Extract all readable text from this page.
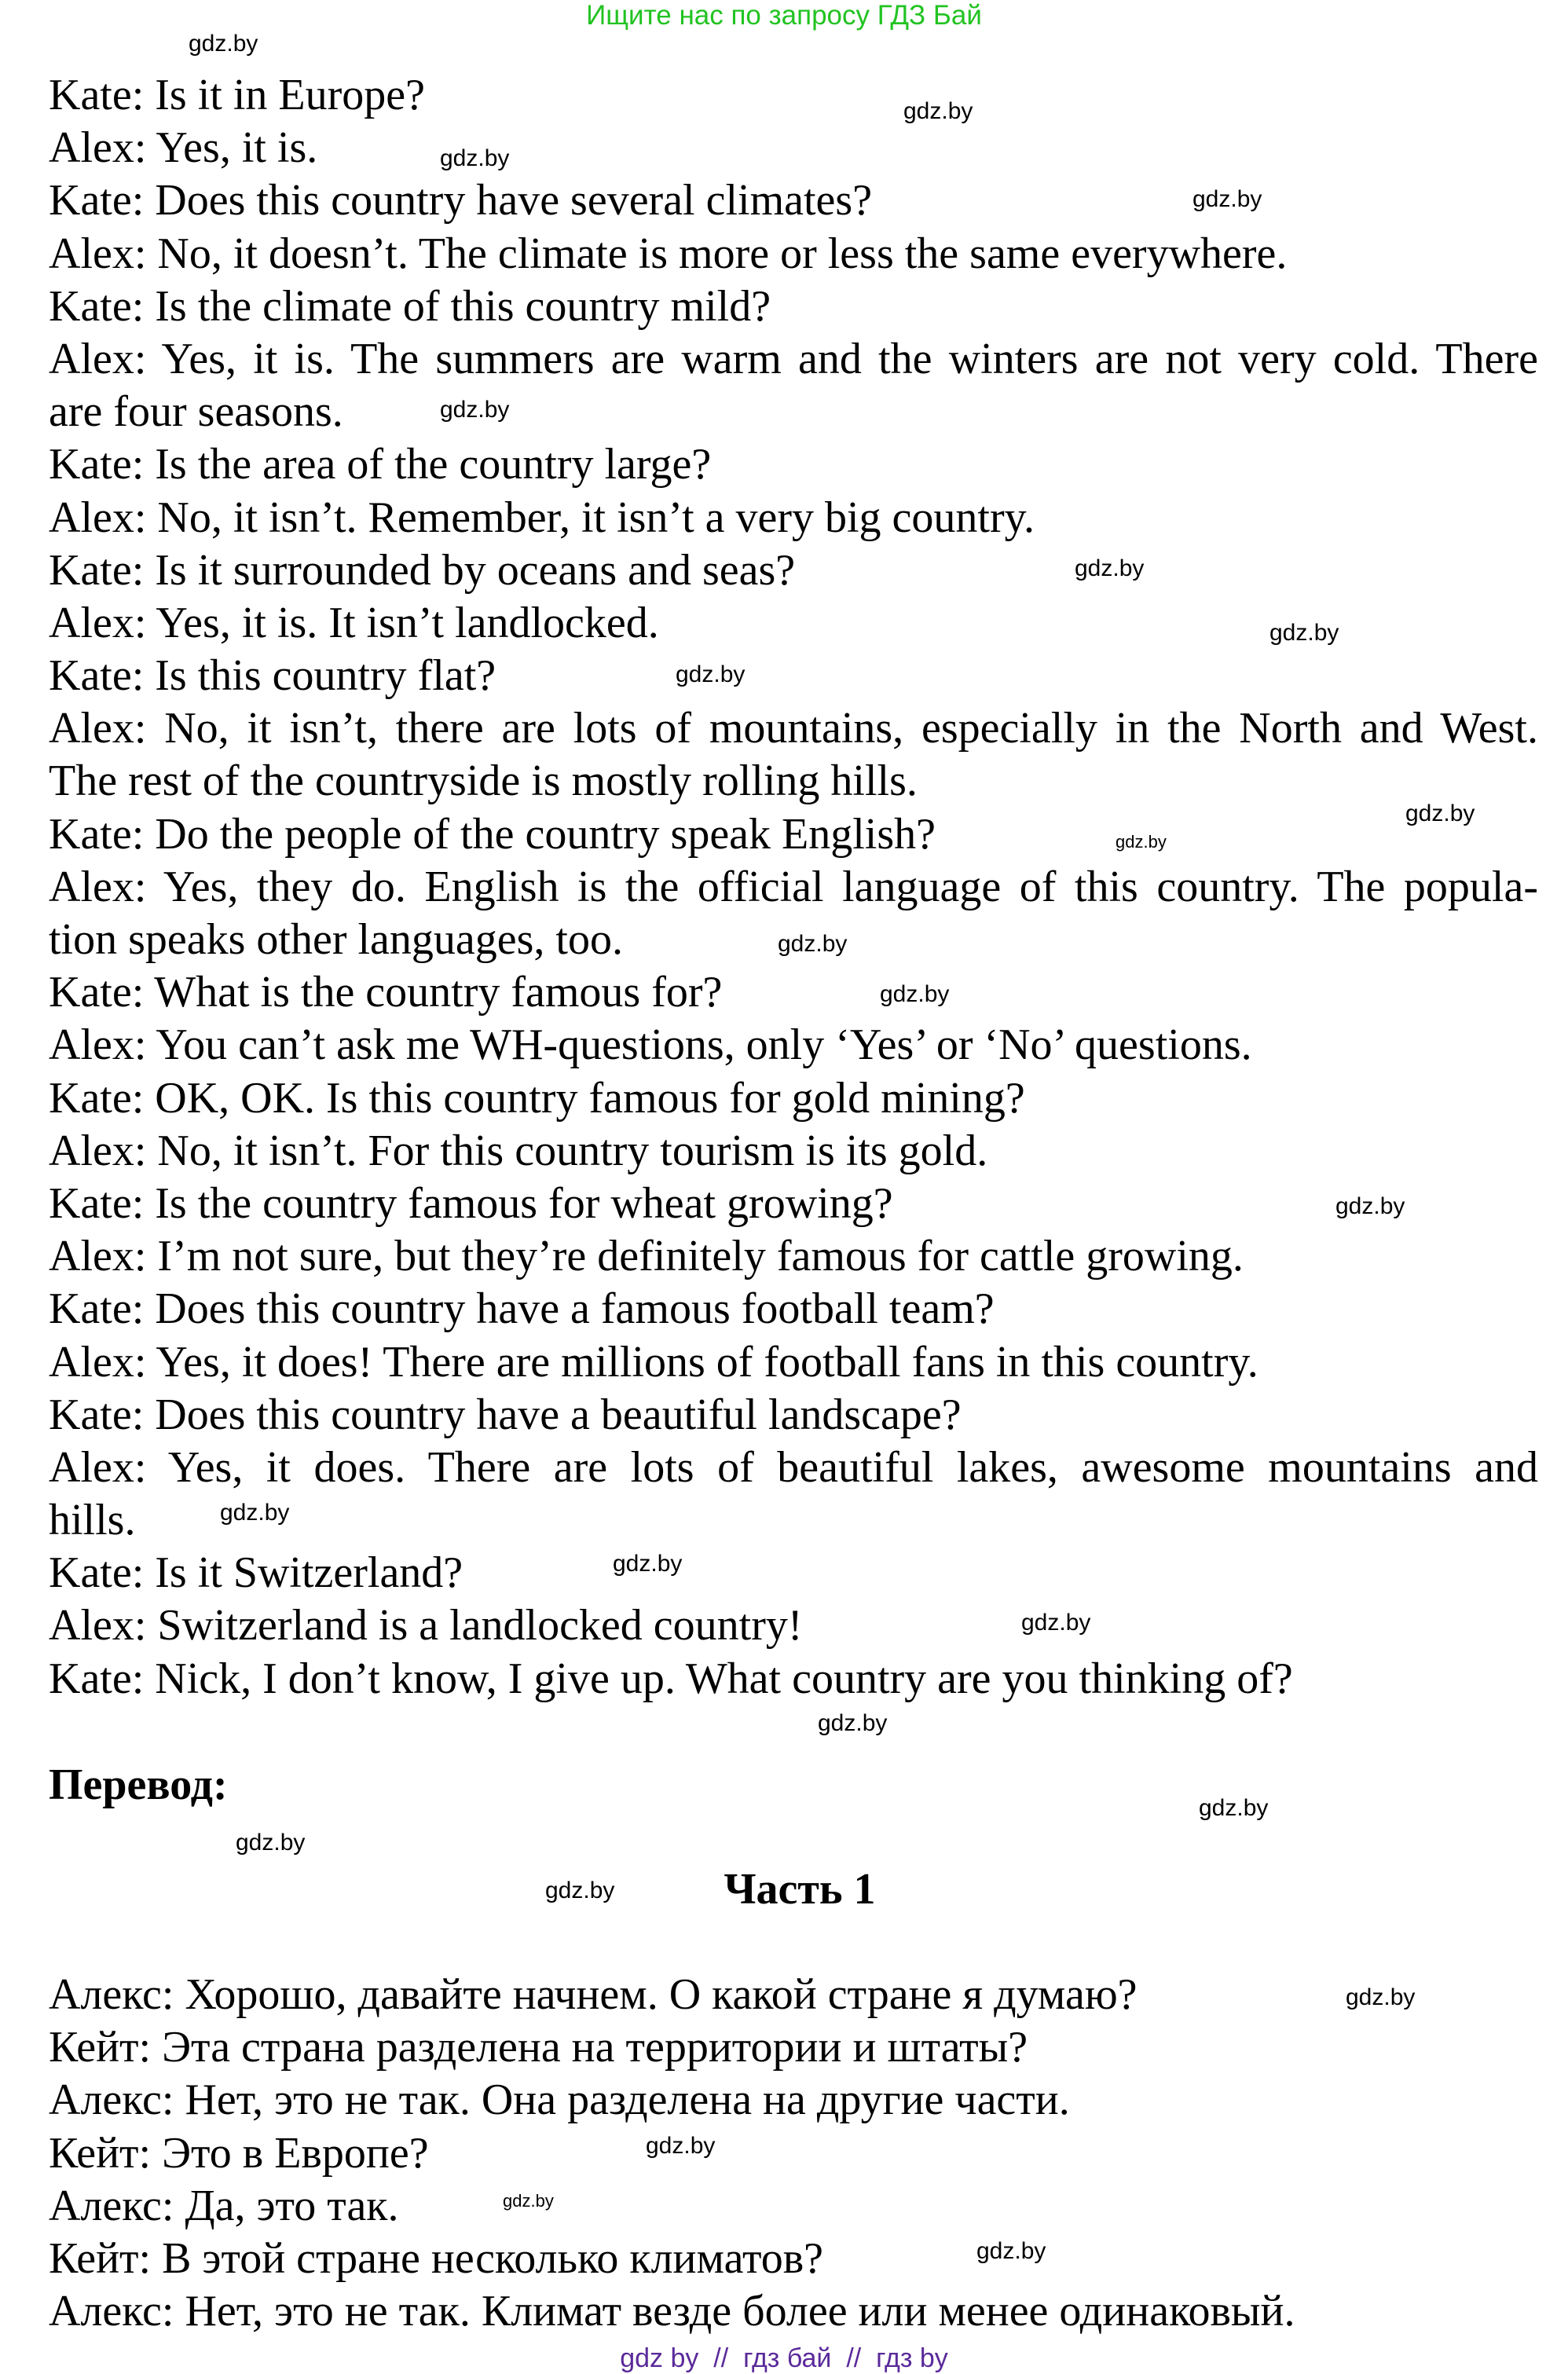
Ищите нас по запросу ГДЗ Бай
Kate: Is it in Europe?
Alex: Yes, it is.
Kate: Does this country have several climates?
Alex: No, it doesn’t. The climate is more or less the same everywhere.
Kate: Is the climate of this country mild?
Alex: Yes, it is. The summers are warm and the winters are not very cold. There
are four seasons.
Kate: Is the area of the country large?
Alex: No, it isn’t. Remember, it isn’t a very big country.
Kate: Is it surrounded by oceans and seas?
Alex: Yes, it is. It isn’t landlocked.
Kate: Is this country flat?
Alex: No, it isn’t, there are lots of mountains, especially in the North and West.
The rest of the countryside is mostly rolling hills.
Kate: Do the people of the country speak English?
Alex: Yes, they do. English is the official language of this country. The popula-
tion speaks other languages, too.
Kate: What is the country famous for?
Alex: You can’t ask me WH-questions, only ‘Yes’ or ‘No’ questions.
Kate: OK, OK. Is this country famous for gold mining?
Alex: No, it isn’t. For this country tourism is its gold.
Kate: Is the country famous for wheat growing?
Alex: I’m not sure, but they’re definitely famous for cattle growing.
Kate: Does this country have a famous football team?
Alex: Yes, it does! There are millions of football fans in this country.
Kate: Does this country have a beautiful landscape?
Alex: Yes, it does. There are lots of beautiful lakes, awesome mountains and
hills.
Kate: Is it Switzerland?
Alex: Switzerland is a landlocked country!
Kate: Nick, I don’t know, I give up. What country are you thinking of?
Перевод:
Часть 1
Алекс: Хорошо, давайте начнем. О какой стране я думаю?
Кейт: Эта страна разделена на территории и штаты?
Алекс: Нет, это не так. Она разделена на другие части.
Кейт: Это в Европе?
Алекс: Да, это так.
Кейт: В этой стране несколько климатов?
Алекс: Нет, это не так. Климат везде более или менее одинаковый.
gdz.by
gdz.by
gdz.by
gdz.by
gdz.by
gdz.by
gdz.by
gdz.by
gdz.by
gdz.by
gdz.by
gdz.by
gdz.by
gdz.by
gdz.by
gdz.by
gdz.by
gdz.by
gdz.by
gdz.by
gdz.by
gdz.by
gdz.by
gdz.by
gdz by  //  гдз бай  //  гдз by
